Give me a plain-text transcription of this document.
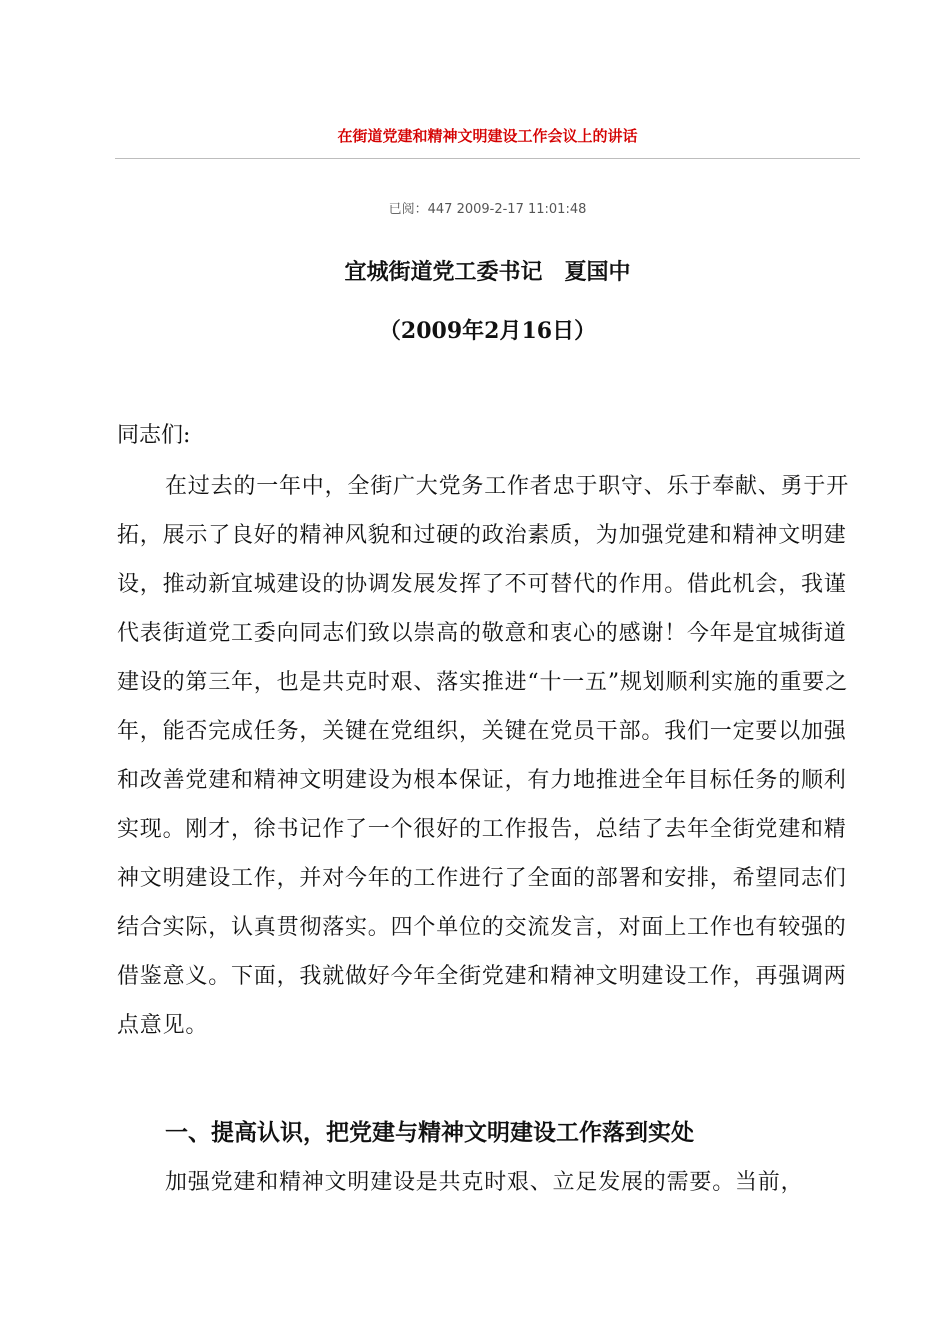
在街道党建和精神文明建设工作会议上的讲话
已阅：447 2009-2-17 11:01:48
宜城街道党工委书记　夏国中
（2009年2月16日）
同志们:
在过去的一年中，全街广大党务工作者忠于职守、乐于奉献、勇于开拓，展示了良好的精神风貌和过硬的政治素质，为加强党建和精神文明建设，推动新宜城建设的协调发展发挥了不可替代的作用。借此机会，我谨代表街道党工委向同志们致以崇高的敬意和衷心的感谢！今年是宜城街道建设的第三年，也是共克时艰、落实推进“十一五”规划顺利实施的重要之年，能否完成任务，关键在党组织，关键在党员干部。我们一定要以加强和改善党建和精神文明建设为根本保证，有力地推进全年目标任务的顺利实现。刚才，徐书记作了一个很好的工作报告，总结了去年全街党建和精神文明建设工作，并对今年的工作进行了全面的部署和安排，希望同志们结合实际，认真贯彻落实。四个单位的交流发言，对面上工作也有较强的借鉴意义。下面，我就做好今年全街党建和精神文明建设工作，再强调两点意见。
一、提高认识，把党建与精神文明建设工作落到实处
加强党建和精神文明建设是共克时艰、立足发展的需要。当前，
